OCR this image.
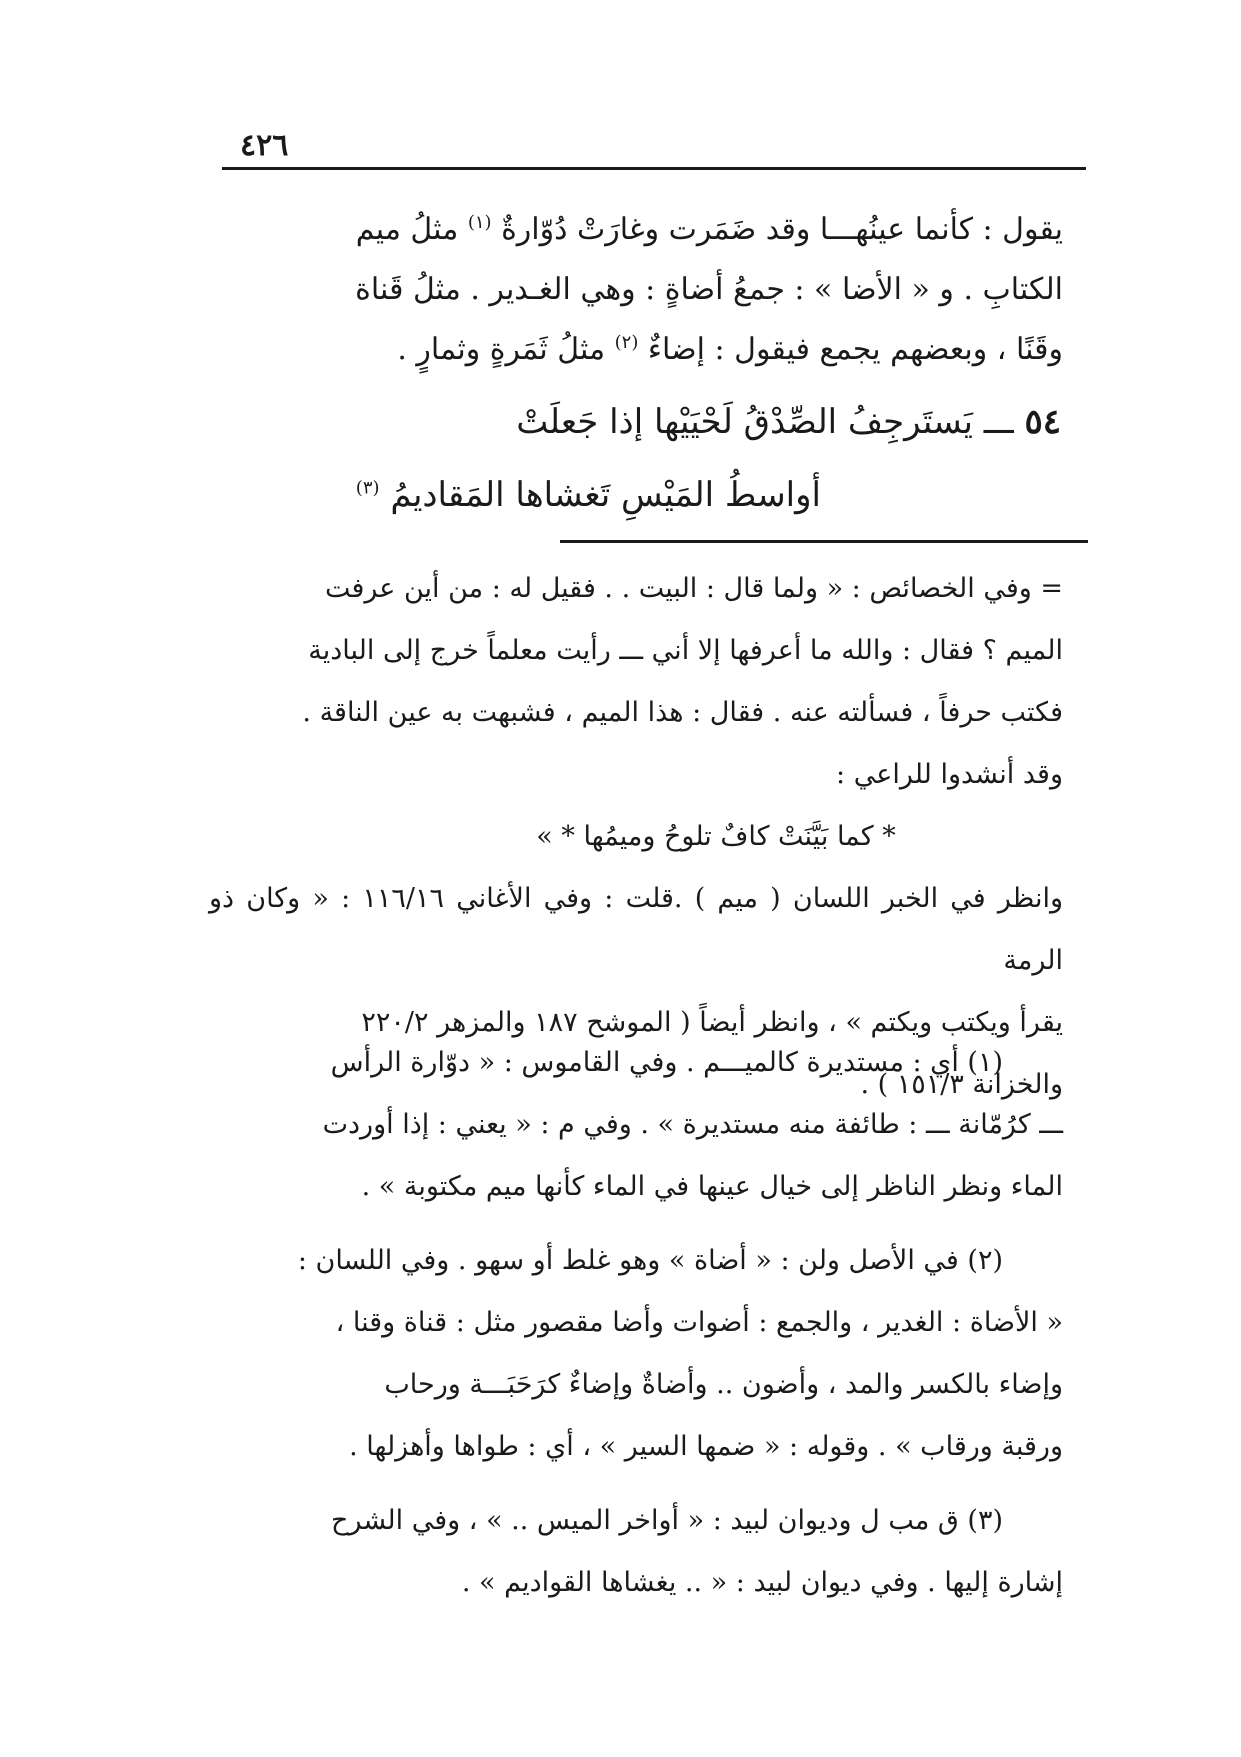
٤٢٦

يقول : كأنما عينُهـــا وقد ضَمَرت وغارَتْ دُوّارةٌ $^{(١)}$ مثلُ ميم

الكتابِ . و « الأضا » : جمعُ أضاةٍ : وهي الغـدير . مثلُ قَناة

وقَنًا ، وبعضهم يجمع فيقول : إضاءٌ $^{(٢)}$ مثلُ ثَمَرةٍ وثمارٍ .

٥٤ ـــ يَستَرجِفُ الصِّدْقُ لَحْيَيْها إذا جَعلَتْ
أواسطُ المَيْسِ تَغشاها المَقاديمُ $^{(٣)}$

= وفي الخصائص : « ولما قال : البيت . . فقيل له : من أين عرفت

الميم ؟ فقال : والله ما أعرفها إلا أني ـــ رأيت معلماً خرج إلى البادية

فكتب حرفاً ، فسألته عنه . فقال : هذا الميم ، فشبهت به عين الناقة .

وقد أنشدوا للراعي :

* كما بَيَّنَتْ كافٌ تلوحُ وميمُها * »

وانظر في الخبر اللسان ( ميم ) .قلت : وفي الأغاني ١١٦/١٦ : « وكان ذو الرمة

يقرأ ويكتب ويكتم » ، وانظر أيضاً ( الموشح ١٨٧ والمزهر ٢٢٠/٢

والخزانة ١٥١/٣ ) .

(١) أي : مستديرة كالميـــم . وفي القاموس : « دوّارة الرأس
ـــ كرُمّانة ـــ : طائفة منه مستديرة » . وفي م : « يعني : إذا أوردت
الماء ونظر الناظر إلى خيال عينها في الماء كأنها ميم مكتوبة » .
(٢) في الأصل ولن : « أضاة » وهو غلط أو سهو . وفي اللسان :
« الأضاة : الغدير ، والجمع : أضوات وأضا مقصور مثل : قناة وقنا ،
وإضاء بالكسر والمد ، وأضون .. وأضاةٌ وإضاءٌ كرَحَبَـــة ورحاب
ورقبة ورقاب » . وقوله : « ضمها السير » ، أي : طواها وأهزلها .
(٣) ق مب ل وديوان لبيد : « أواخر الميس .. » ، وفي الشرح
إشارة إليها . وفي ديوان لبيد : « .. يغشاها القواديم » .
